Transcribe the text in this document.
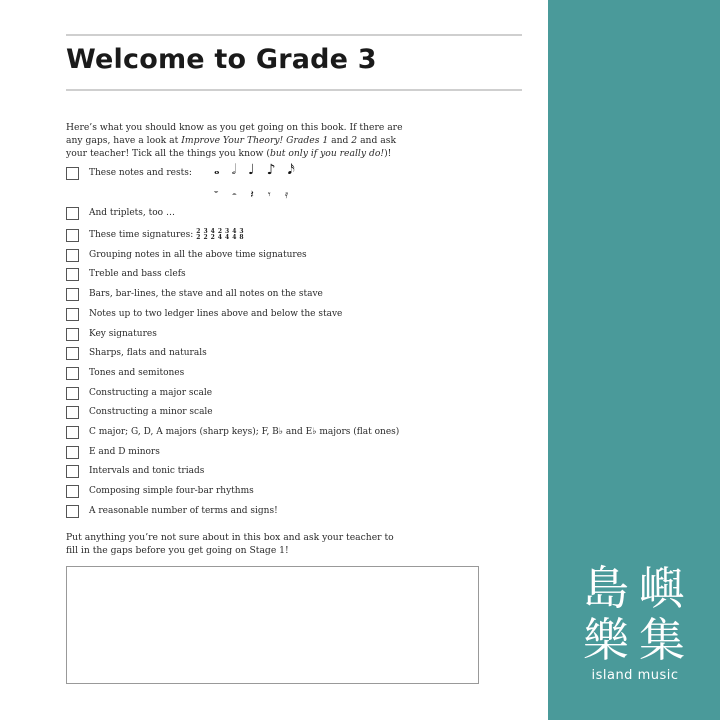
Welcome to Grade 3
Here’s what you should know as you get going on this book. If there are any gaps, have a look at Improve Your Theory! Grades 1 and 2 and ask your teacher! Tick all the things you know (but only if you really do!)!
These notes and rests: 𝅝 𝅗𝅥 ♩ ♪ 𝅘𝅥𝅯
𝄻 𝄼 𝄽 𝄾 𝄿
And triplets, too …
These time signatures: 2
2
3
2
4
2
2
4
3
4
4
4
3
8
Grouping notes in all the above time signatures
Treble and bass clefs
Bars, bar-lines, the stave and all notes on the stave
Notes up to two ledger lines above and below the stave
Key signatures
Sharps, flats and naturals
Tones and semitones
Constructing a major scale
Constructing a minor scale
C major; G, D, A majors (sharp keys); F, B♭ and E♭ majors (flat ones)
E and D minors
Intervals and tonic triads
Composing simple four-bar rhythms
A reasonable number of terms and signs!
Put anything you’re not sure about in this box and ask your teacher to fill in the gaps before you get going on Stage 1!
島 嶼
樂 集
island music
